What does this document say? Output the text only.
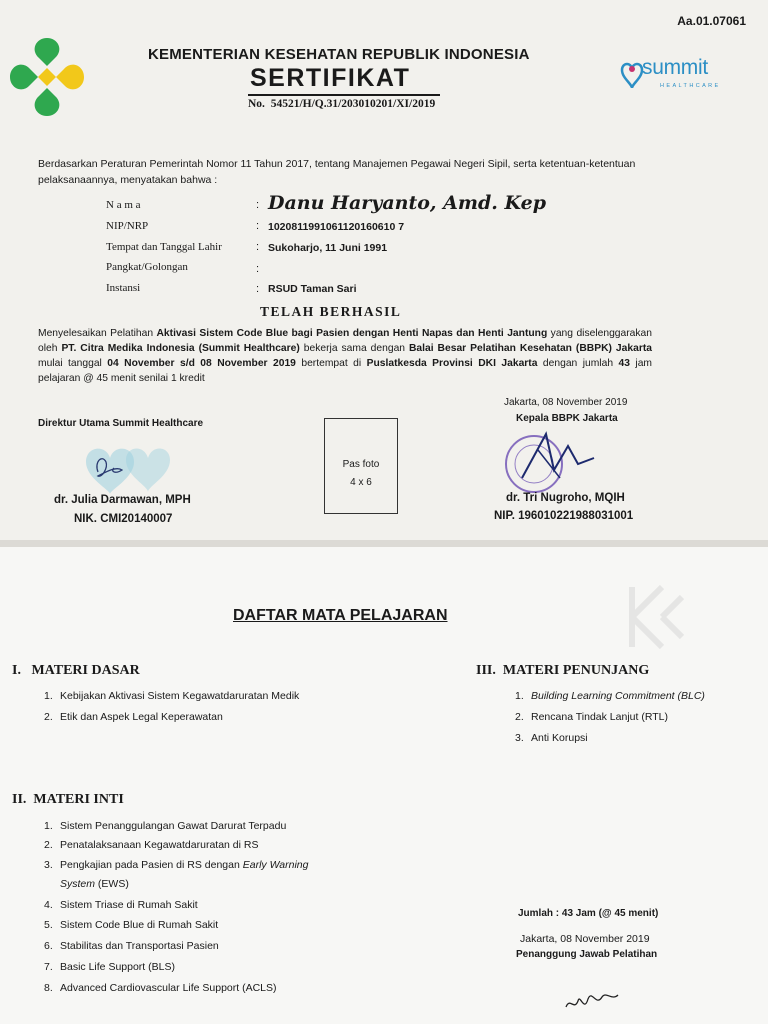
Aa.01.07061
KEMENTERIAN KESEHATAN REPUBLIK INDONESIA
SERTIFIKAT
No. 54521/H/Q.31/203010201/XI/2019
summit
HEALTHCARE
Berdasarkan Peraturan Pemerintah Nomor 11 Tahun 2017, tentang Manajemen Pegawai Negeri Sipil, serta ketentuan-ketentuan
pelaksanaannya, menyatakan bahwa :
N a m a	: Danu Haryanto, Amd. Kep
NIP/NRP	: 1020811991061120160610 7
Tempat dan Tanggal Lahir	: Sukoharjo, 11 Juni 1991
Pangkat/Golongan	:
Instansi	: RSUD Taman Sari
TELAH BERHASIL
Menyelesaikan Pelatihan Aktivasi Sistem Code Blue bagi Pasien dengan Henti Napas dan Henti Jantung yang diselenggarakan oleh PT. Citra Medika Indonesia (Summit Healthcare) bekerja sama dengan Balai Besar Pelatihan Kesehatan (BBPK) Jakarta mulai tanggal 04 November s/d 08 November 2019 bertempat di Puslatkesda Provinsi DKI Jakarta dengan jumlah 43 jam pelajaran @ 45 menit senilai 1 kredit
Direktur Utama Summit Healthcare
dr. Julia Darmawan, MPH
NIK. CMI20140007
Pas foto
4 x 6
Jakarta, 08 November 2019
Kepala BBPK Jakarta
dr. Tri Nugroho, MQIH
NIP. 196010221988031001
DAFTAR MATA PELAJARAN
I. MATERI DASAR
1. Kebijakan Aktivasi Sistem Kegawatdaruratan Medik
2. Etik dan Aspek Legal Keperawatan
II. MATERI INTI
1. Sistem Penanggulangan Gawat Darurat Terpadu
2. Penatalaksanaan Kegawatdaruratan di RS
3. Pengkajian pada Pasien di RS dengan Early Warning
System (EWS)
4. Sistem Triase di Rumah Sakit
5. Sistem Code Blue di Rumah Sakit
6. Stabilitas dan Transportasi Pasien
7. Basic Life Support (BLS)
8. Advanced Cardiovascular Life Support (ACLS)
III. MATERI PENUNJANG
1. Building Learning Commitment (BLC)
2. Rencana Tindak Lanjut (RTL)
3. Anti Korupsi
Jumlah : 43 Jam (@ 45 menit)
Jakarta, 08 November 2019
Penanggung Jawab Pelatihan
